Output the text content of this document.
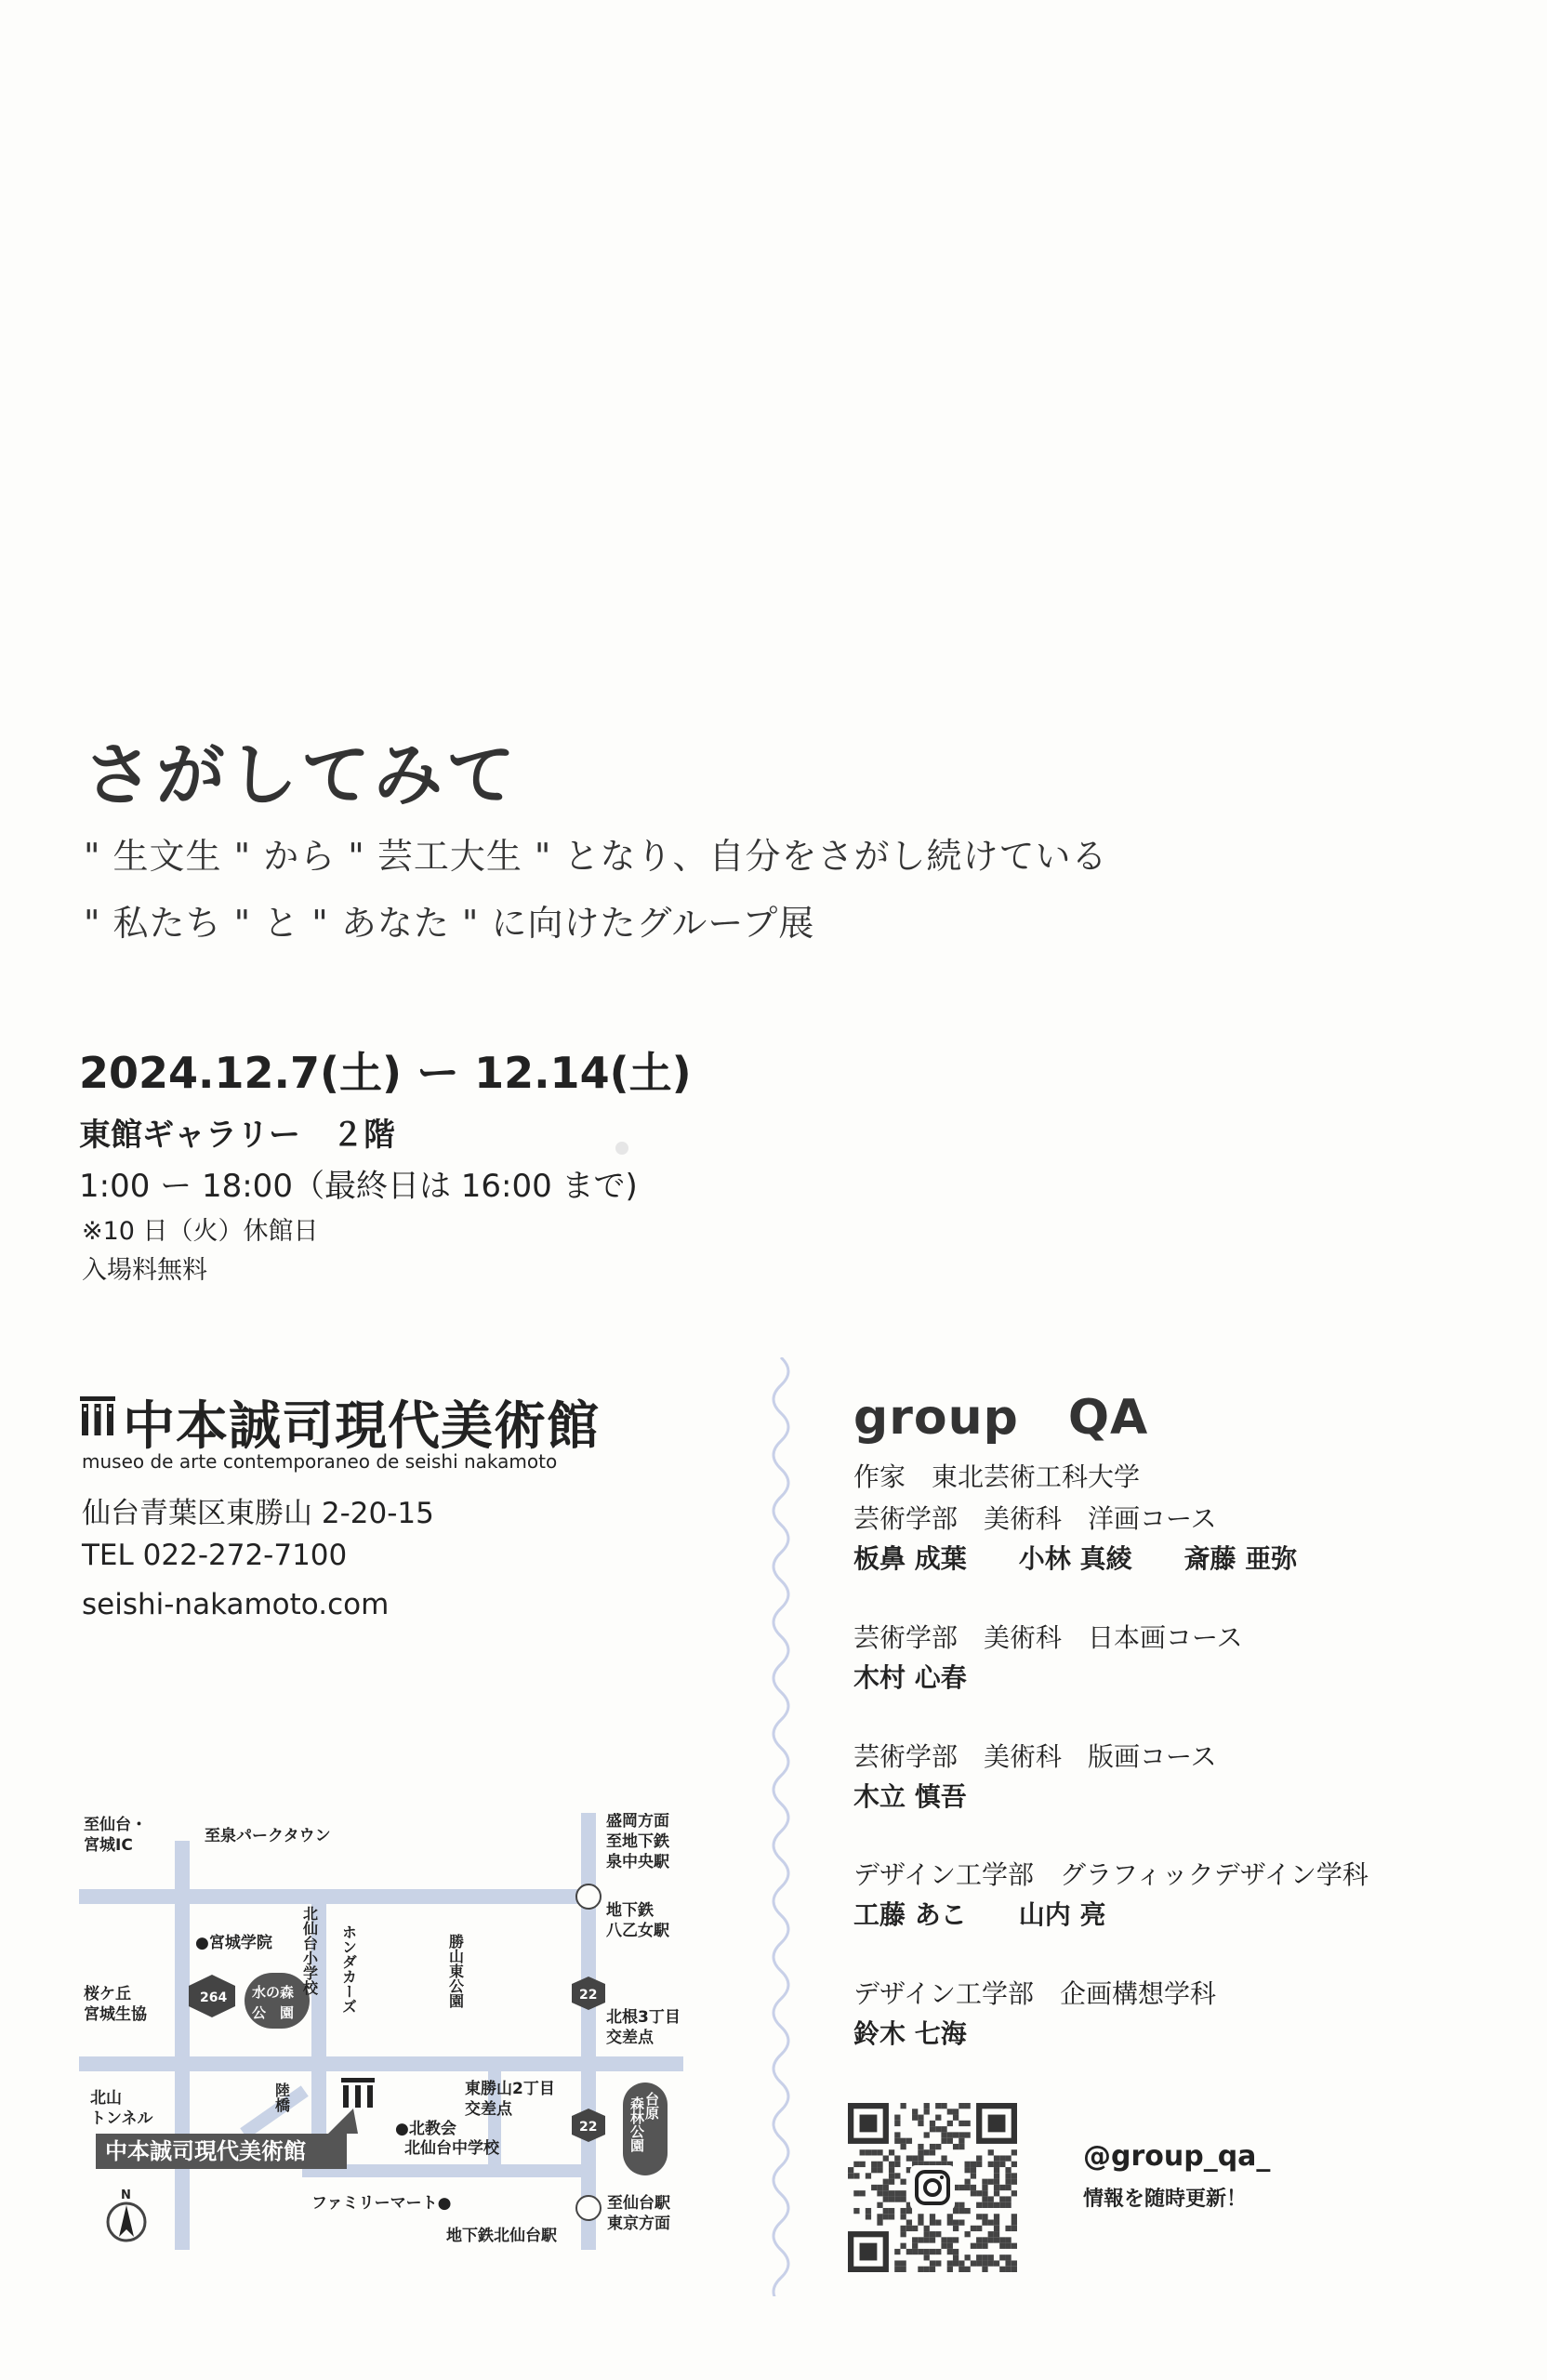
さがしてみて
" 生文生 " から " 芸工大生 " となり、自分をさがし続けている
" 私たち " と " あなた " に向けたグループ展
2024.12.7(土) ー 12.14(土)
東館ギャラリー　２階
1:00 ー 18:00（最終日は 16:00 まで)
※10 日（火）休館日
入場料無料
中本誠司現代美術館
museo de arte contemporaneo de seishi nakamoto
仙台青葉区東勝山 2-20-15
TEL 022-272-7100
seishi-nakamoto.com
group　QA
作家　東北芸術工科大学
芸術学部　美術科　洋画コース
板鼻 成葉　　小林 真綾　　斎藤 亜弥
芸術学部　美術科　日本画コース
木村 心春
芸術学部　美術科　版画コース
木立 慎吾
デザイン工学部　グラフィックデザイン学科
工藤 あこ　　山内 亮
デザイン工学部　企画構想学科
鈴木 七海
至仙台・
宮城IC	至泉パークタウン
盛岡方面
至地下鉄
泉中央駅
地下鉄
八乙女駅
●宮城学院
桜ケ丘
宮城生協	北根3丁目
交差点
北山
トンネル
東勝山2丁目
交差点
●北教会
北仙台中学校
ファミリーマート●
地下鉄北仙台駅
至仙台駅
東京方面
N
北仙台小学校 ホンダカーズ	勝山東公園
陸橋
264	22
22
水の森
公　園
中本誠司現代美術館
台原
森林公園
@group_qa_
情報を随時更新！
